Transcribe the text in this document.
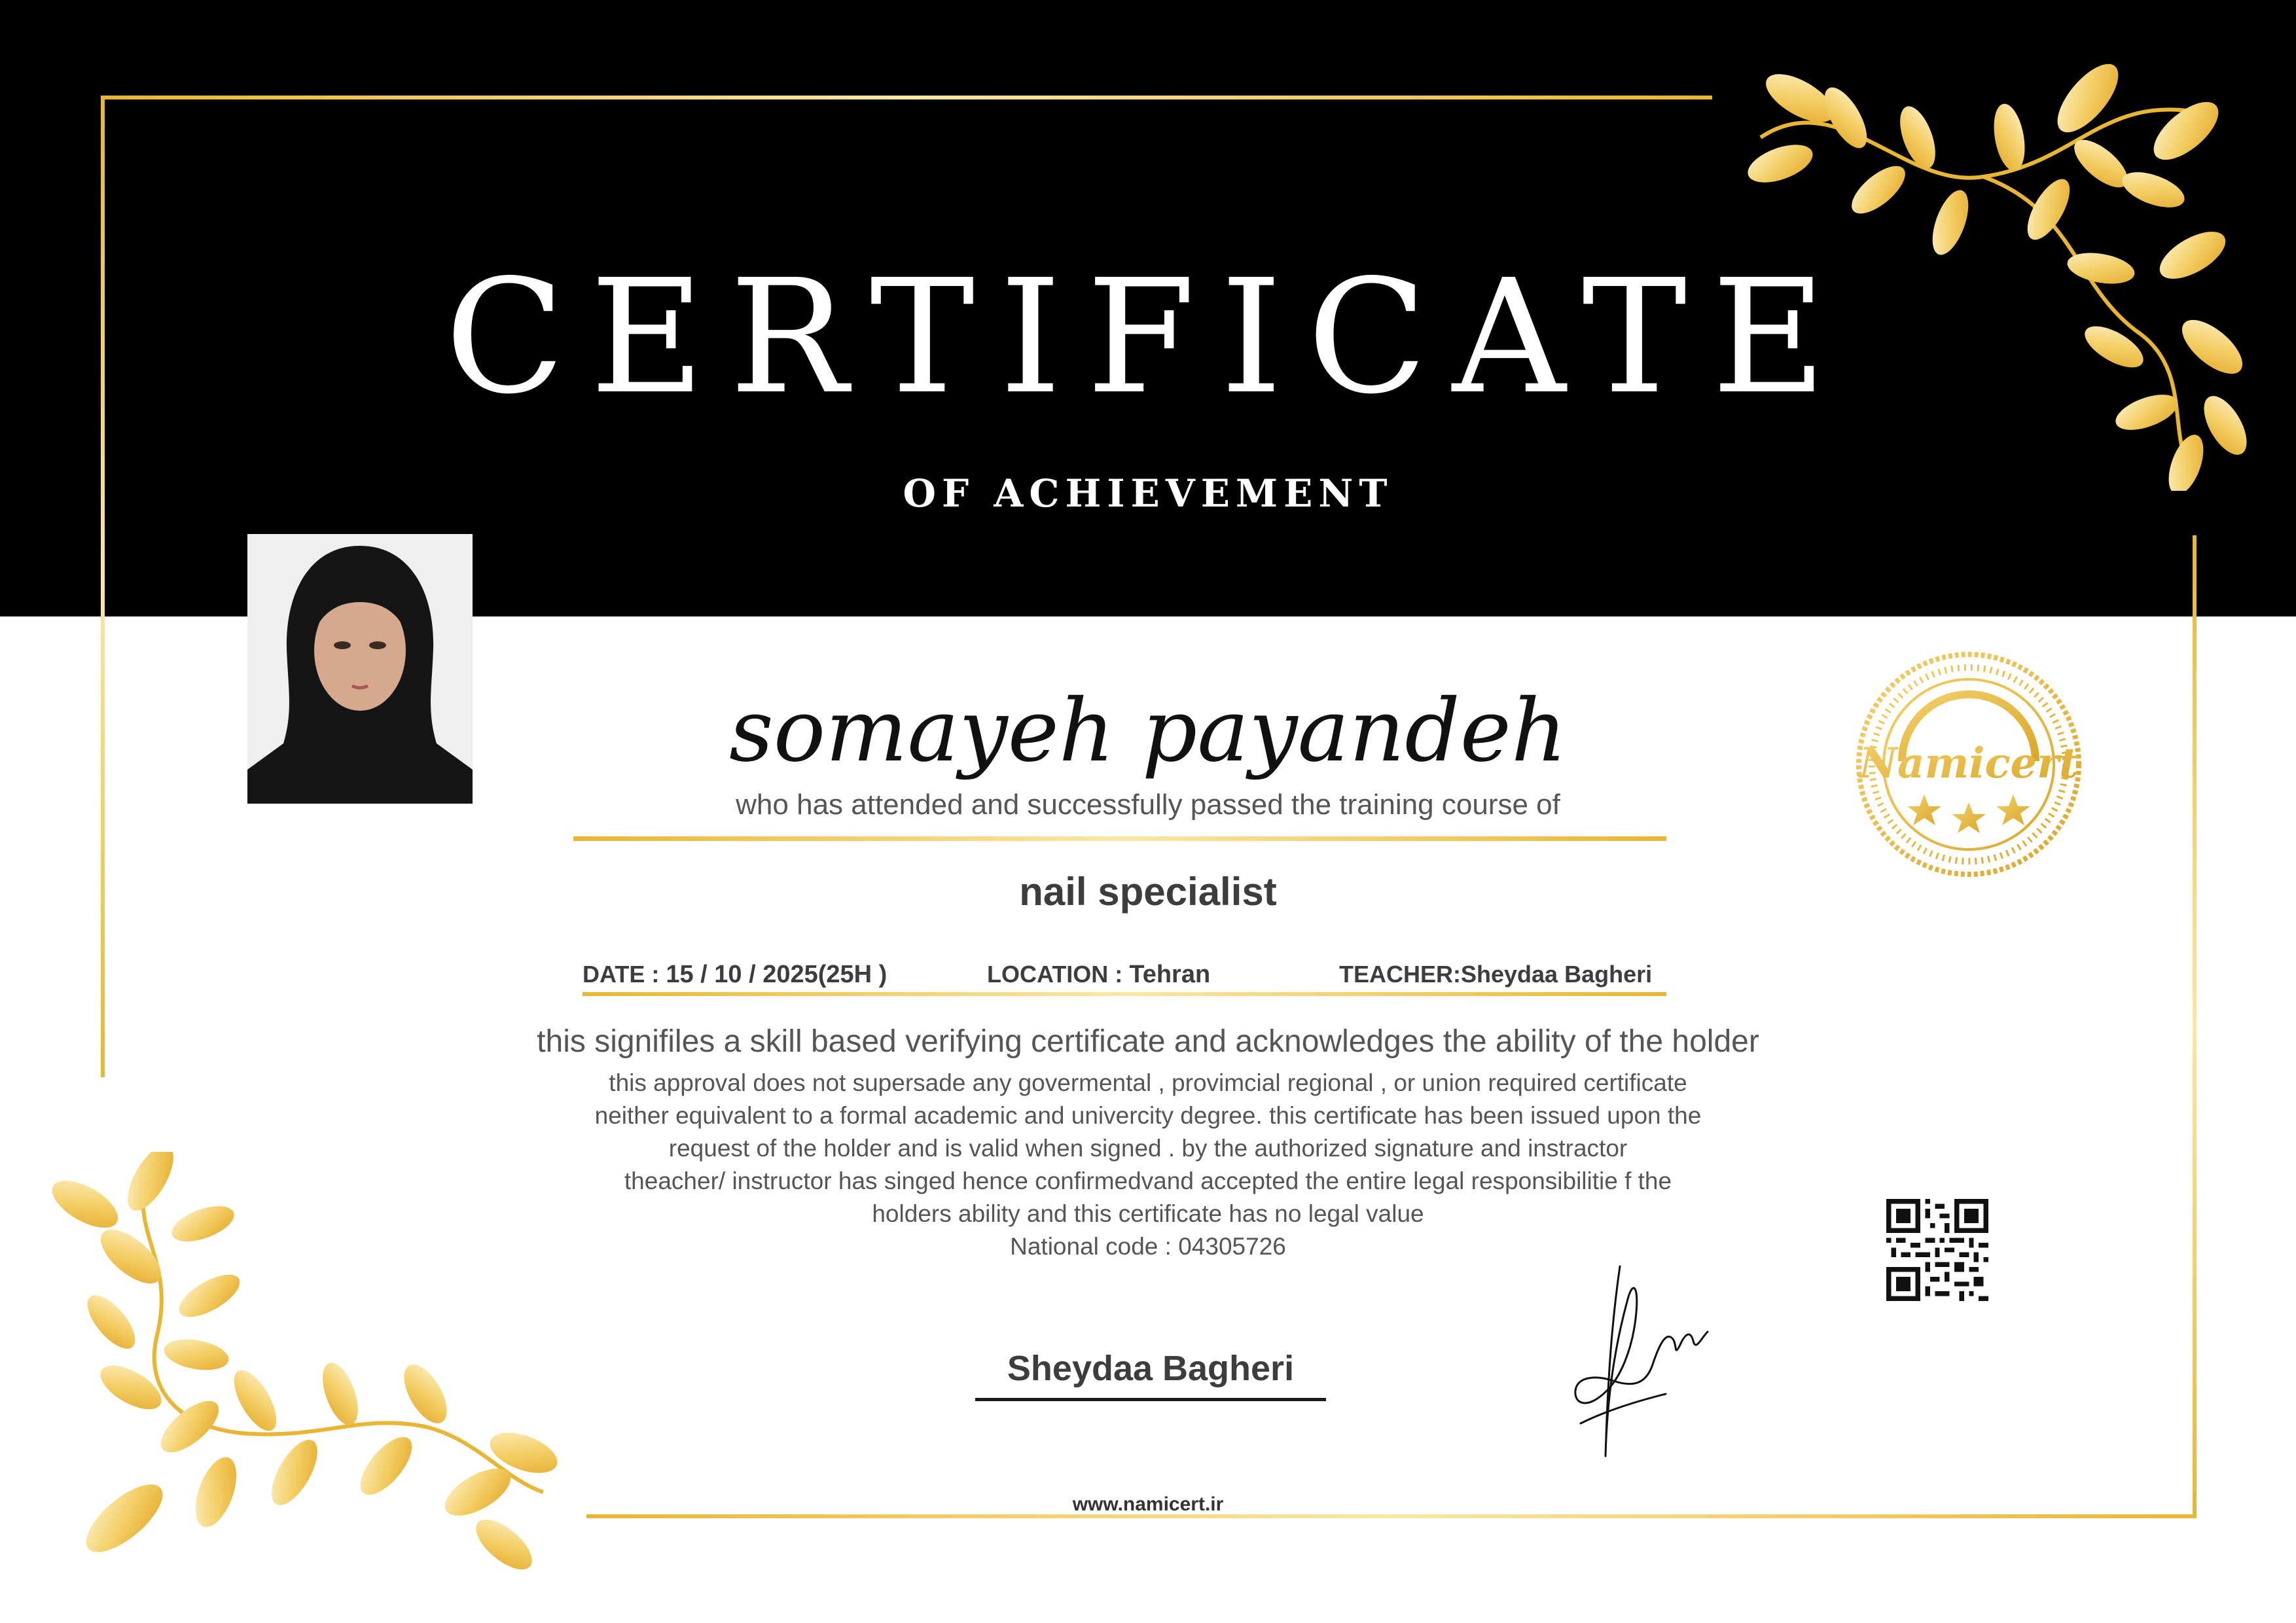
CERTIFICATE
OF ACHIEVEMENT
somayeh payandeh
who has attended and successfully passed the training course of
nail specialist
DATE : 15 / 10 / 2025(25H )	LOCATION : Tehran	TEACHER:Sheydaa Bagheri
this signifiles a skill based verifying certificate and acknowledges the ability of the holder
this approval does not supersade any govermental , provimcial regional , or union required certificate
neither equivalent to a formal academic and univercity degree. this certificate has been issued upon the
request of the holder and is valid when signed . by the authorized signature and instractor
theacher/ instructor has singed hence confirmedvand accepted the entire legal responsibilitie f the
holders ability and this certificate has no legal value
National code : 04305726
Sheydaa Bagheri
Namicert
www.namicert.ir
